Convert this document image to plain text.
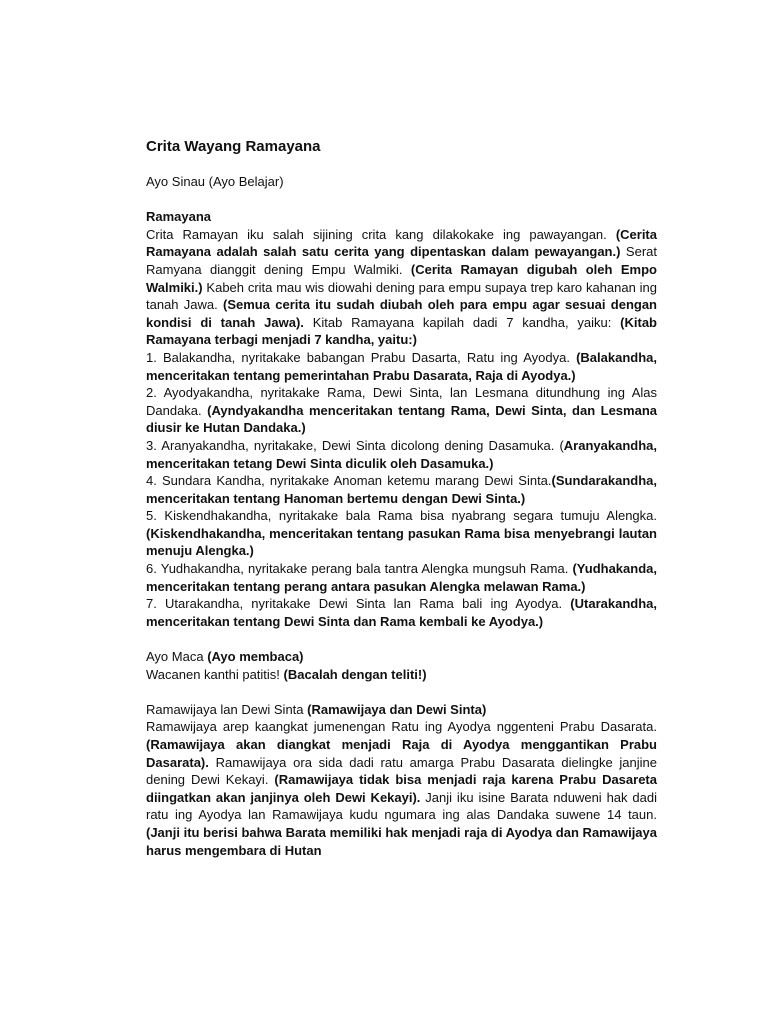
Crita Wayang Ramayana

Ayo Sinau (Ayo Belajar)

Ramayana

Crita Ramayan iku salah sijining crita kang dilakokake ing pawayangan. (Cerita Ramayana adalah salah satu cerita yang dipentaskan dalam pewayangan.) Serat Ramyana dianggit dening Empu Walmiki. (Cerita Ramayan digubah oleh Empo Walmiki.) Kabeh crita mau wis diowahi dening para empu supaya trep karo kahanan ing tanah Jawa. (Semua cerita itu sudah diubah oleh para empu agar sesuai dengan kondisi di tanah Jawa). Kitab Ramayana kapilah dadi 7 kandha, yaiku: (Kitab Ramayana terbagi menjadi 7 kandha, yaitu:)

1. Balakandha, nyritakake babangan Prabu Dasarta, Ratu ing Ayodya. (Balakandha, menceritakan tentang pemerintahan Prabu Dasarata, Raja di Ayodya.)

2. Ayodyakandha, nyritakake Rama, Dewi Sinta, lan Lesmana ditundhung ing Alas Dandaka. (Ayndyakandha menceritakan tentang Rama, Dewi Sinta, dan Lesmana diusir ke Hutan Dandaka.)

3. Aranyakandha, nyritakake, Dewi Sinta dicolong dening Dasamuka. (Aranyakandha, menceritakan tetang Dewi Sinta diculik oleh Dasamuka.)

4. Sundara Kandha, nyritakake Anoman ketemu marang Dewi Sinta.(Sundarakandha, menceritakan tentang Hanoman bertemu dengan Dewi Sinta.)

5. Kiskendhakandha, nyritakake bala Rama bisa nyabrang segara tumuju Alengka. (Kiskendhakandha, menceritakan tentang pasukan Rama bisa menyebrangi lautan menuju Alengka.)

6. Yudhakandha, nyritakake perang bala tantra Alengka mungsuh Rama. (Yudhakanda, menceritakan tentang perang antara pasukan Alengka melawan Rama.)

7. Utarakandha, nyritakake Dewi Sinta lan Rama bali ing Ayodya. (Utarakandha, menceritakan tentang Dewi Sinta dan Rama kembali ke Ayodya.)

Ayo Maca (Ayo membaca)

Wacanen kanthi patitis! (Bacalah dengan teliti!)

Ramawijaya lan Dewi Sinta (Ramawijaya dan Dewi Sinta)

Ramawijaya arep kaangkat jumenengan Ratu ing Ayodya nggenteni Prabu Dasarata. (Ramawijaya akan diangkat menjadi Raja di Ayodya menggantikan Prabu Dasarata). Ramawijaya ora sida dadi ratu amarga Prabu Dasarata dielingke janjine dening Dewi Kekayi. (Ramawijaya tidak bisa menjadi raja karena Prabu Dasareta diingatkan akan janjinya oleh Dewi Kekayi). Janji iku isine Barata nduweni hak dadi ratu ing Ayodya lan Ramawijaya kudu ngumara ing alas Dandaka suwene 14 taun. (Janji itu berisi bahwa Barata memiliki hak menjadi raja di Ayodya dan Ramawijaya harus mengembara di Hutan
